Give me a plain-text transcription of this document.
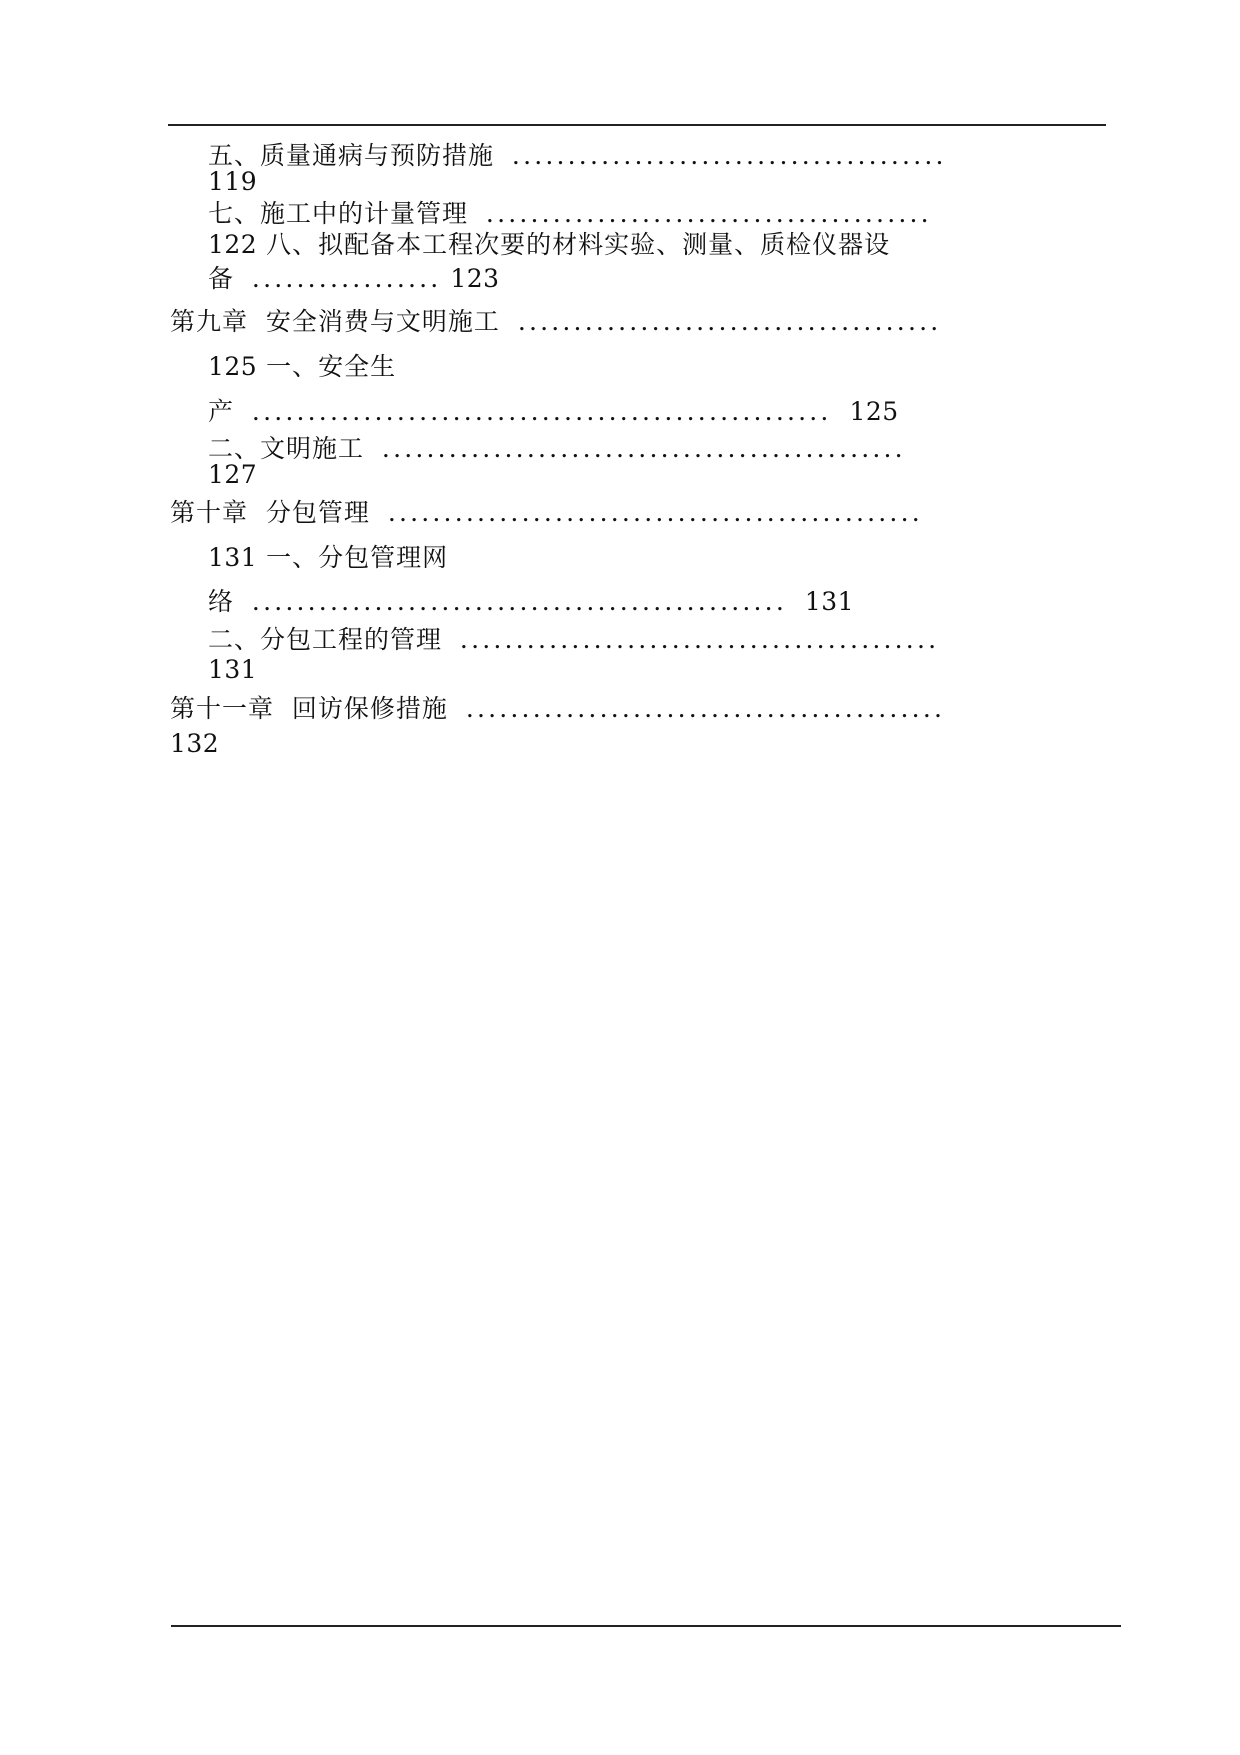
五、质量通病与预防措施 .......................................
119
七、施工中的计量管理 ........................................
122 八、拟配备本工程次要的材料实验、测量、质检仪器设
备 ................. 123
第九章  安全消费与文明施工 ......................................
125 一、安全生
产 .................................................... 125
二、文明施工 ...............................................
127
第十章  分包管理 ................................................
131 一、分包管理网
络 ................................................ 131
二、分包工程的管理 ...........................................
131
第十一章  回访保修措施 ...........................................
132
